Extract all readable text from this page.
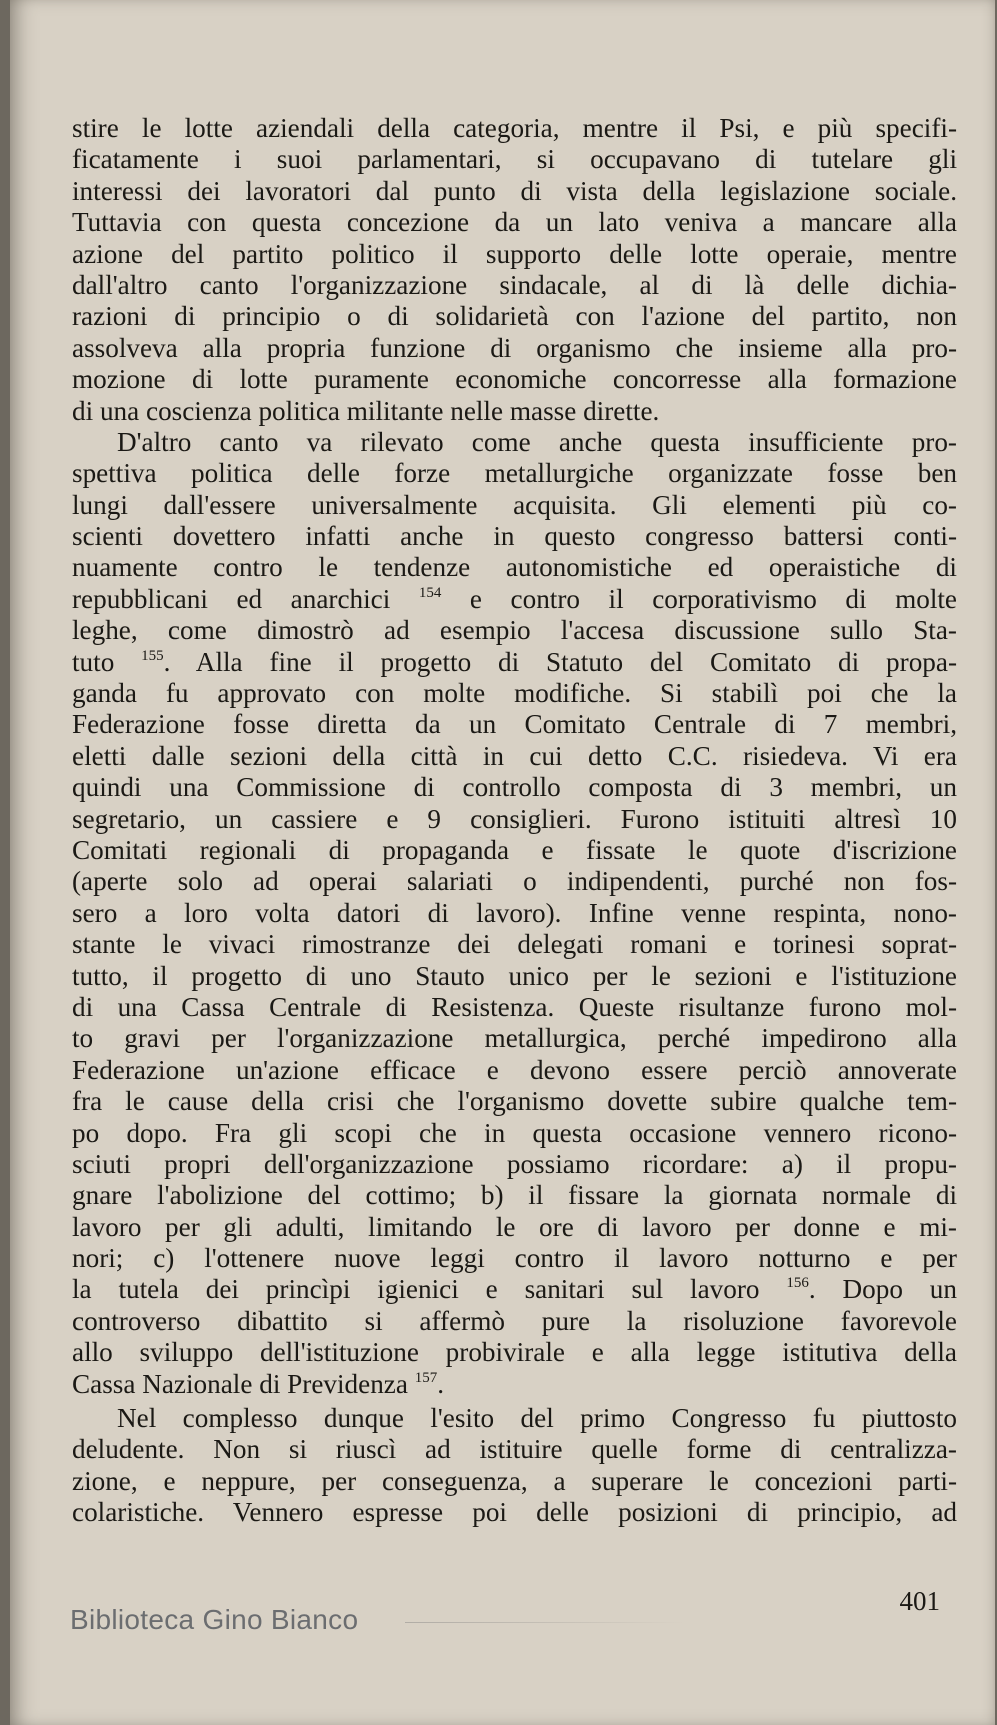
stire le lotte aziendali della categoria, mentre il Psi, e più specifi-
ficatamente i suoi parlamentari, si occupavano di tutelare gli
interessi dei lavoratori dal punto di vista della legislazione sociale.
Tuttavia con questa concezione da un lato veniva a mancare alla
azione del partito politico il supporto delle lotte operaie, mentre
dall'altro canto l'organizzazione sindacale, al di là delle dichia-
razioni di principio o di solidarietà con l'azione del partito, non
assolveva alla propria funzione di organismo che insieme alla pro-
mozione di lotte puramente economiche concorresse alla formazione
di una coscienza politica militante nelle masse dirette.
D'altro canto va rilevato come anche questa insufficiente pro-
spettiva politica delle forze metallurgiche organizzate fosse ben
lungi dall'essere universalmente acquisita. Gli elementi più co-
scienti dovettero infatti anche in questo congresso battersi conti-
nuamente contro le tendenze autonomistiche ed operaistiche di
repubblicani ed anarchici $^{154}$ e contro il corporativismo di molte
leghe, come dimostrò ad esempio l'accesa discussione sullo Sta-
tuto $^{155}$. Alla fine il progetto di Statuto del Comitato di propa-
ganda fu approvato con molte modifiche. Si stabilì poi che la
Federazione fosse diretta da un Comitato Centrale di 7 membri,
eletti dalle sezioni della città in cui detto C.C. risiedeva. Vi era
quindi una Commissione di controllo composta di 3 membri, un
segretario, un cassiere e 9 consiglieri. Furono istituiti altresì 10
Comitati regionali di propaganda e fissate le quote d'iscrizione
(aperte solo ad operai salariati o indipendenti, purché non fos-
sero a loro volta datori di lavoro). Infine venne respinta, nono-
stante le vivaci rimostranze dei delegati romani e torinesi soprat-
tutto, il progetto di uno Stauto unico per le sezioni e l'istituzione
di una Cassa Centrale di Resistenza. Queste risultanze furono mol-
to gravi per l'organizzazione metallurgica, perché impedirono alla
Federazione un'azione efficace e devono essere perciò annoverate
fra le cause della crisi che l'organismo dovette subire qualche tem-
po dopo. Fra gli scopi che in questa occasione vennero ricono-
sciuti propri dell'organizzazione possiamo ricordare: a) il propu-
gnare l'abolizione del cottimo; b) il fissare la giornata normale di
lavoro per gli adulti, limitando le ore di lavoro per donne e mi-
nori; c) l'ottenere nuove leggi contro il lavoro notturno e per
la tutela dei princìpi igienici e sanitari sul lavoro $^{156}$. Dopo un
controverso dibattito si affermò pure la risoluzione favorevole
allo sviluppo dell'istituzione probivirale e alla legge istitutiva della
Cassa Nazionale di Previdenza $^{157}$.
Nel complesso dunque l'esito del primo Congresso fu piuttosto
deludente. Non si riuscì ad istituire quelle forme di centralizza-
zione, e neppure, per conseguenza, a superare le concezioni parti-
colaristiche. Vennero espresse poi delle posizioni di principio, ad
401
Biblioteca Gino Bianco
